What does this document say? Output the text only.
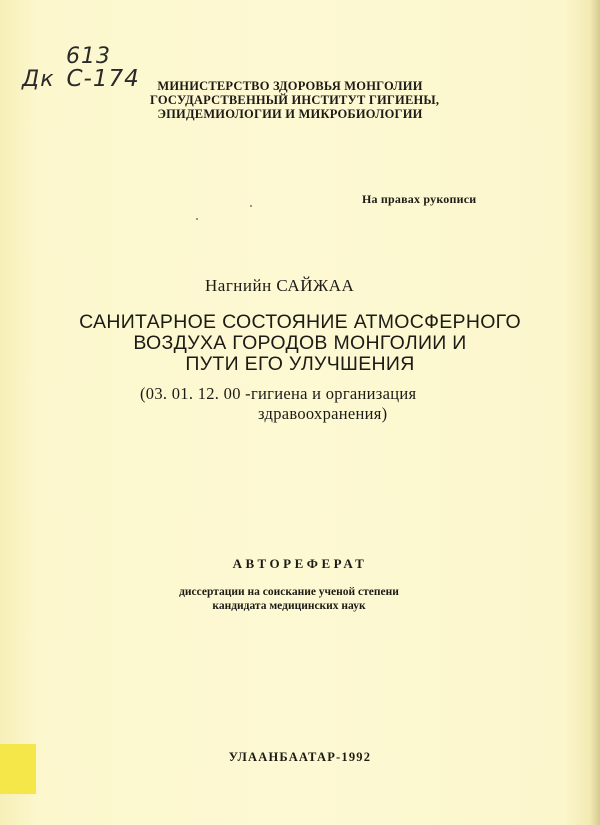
613
Дк С-174	МИНИСТЕРСТВО ЗДОРОВЬЯ МОНГОЛИИ
ГОСУДАРСТВЕННЫЙ ИНСТИТУТ ГИГИЕНЫ,
ЭПИДЕМИОЛОГИИ И МИКРОБИОЛОГИИ
На правах рукописи
Нагнийн САЙЖАА
САНИТАРНОЕ СОСТОЯНИЕ АТМОСФЕРНОГО
ВОЗДУХА ГОРОДОВ МОНГОЛИИ И
ПУТИ ЕГО УЛУЧШЕНИЯ
(03. 01. 12. 00 -гигиена и организация
здравоохранения)
АВТОРЕФЕРАТ
диссертации на соискание ученой степени
кандидата медицинских наук
УЛААНБААТАР-1992
